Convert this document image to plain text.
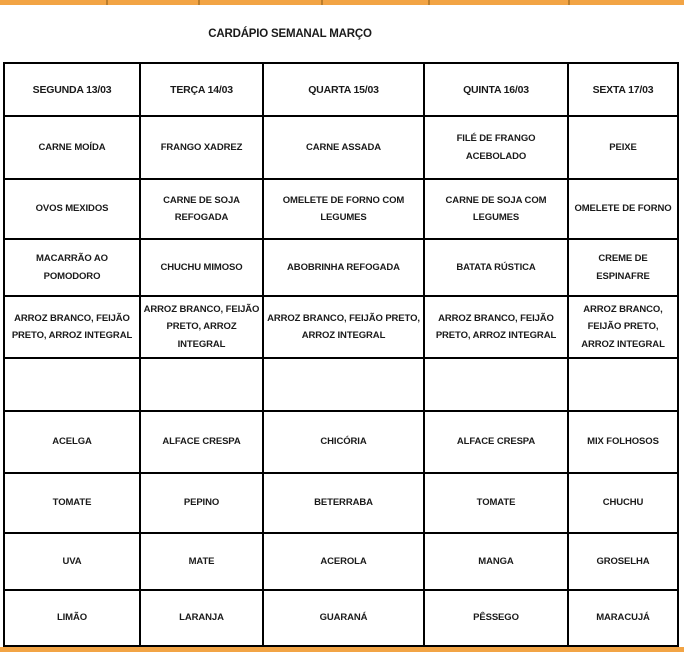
CARDÁPIO SEMANAL MARÇO
SEGUNDA 13/03	TERÇA 14/03	QUARTA 15/03	QUINTA 16/03	SEXTA 17/03
CARNE MOÍDA	FRANGO XADREZ	CARNE ASSADA	FILÉ DE FRANGO ACEBOLADO	PEIXE
OVOS MEXIDOS	CARNE DE SOJA REFOGADA	OMELETE DE FORNO COM LEGUMES	CARNE DE SOJA COM LEGUMES	OMELETE DE FORNO
MACARRÃO AO POMODORO	CHUCHU MIMOSO	ABOBRINHA REFOGADA	BATATA RÚSTICA	CREME DE ESPINAFRE
ARROZ BRANCO, FEIJÃO PRETO, ARROZ INTEGRAL	ARROZ BRANCO, FEIJÃO PRETO, ARROZ INTEGRAL	ARROZ BRANCO, FEIJÃO PRETO, ARROZ INTEGRAL	ARROZ BRANCO, FEIJÃO PRETO, ARROZ INTEGRAL	ARROZ BRANCO, FEIJÃO PRETO, ARROZ INTEGRAL

ACELGA	ALFACE CRESPA	CHICÓRIA	ALFACE CRESPA	MIX FOLHOSOS
TOMATE	PEPINO	BETERRABA	TOMATE	CHUCHU
UVA	MATE	ACEROLA	MANGA	GROSELHA
LIMÃO	LARANJA	GUARANÁ	PÊSSEGO	MARACUJÁ
